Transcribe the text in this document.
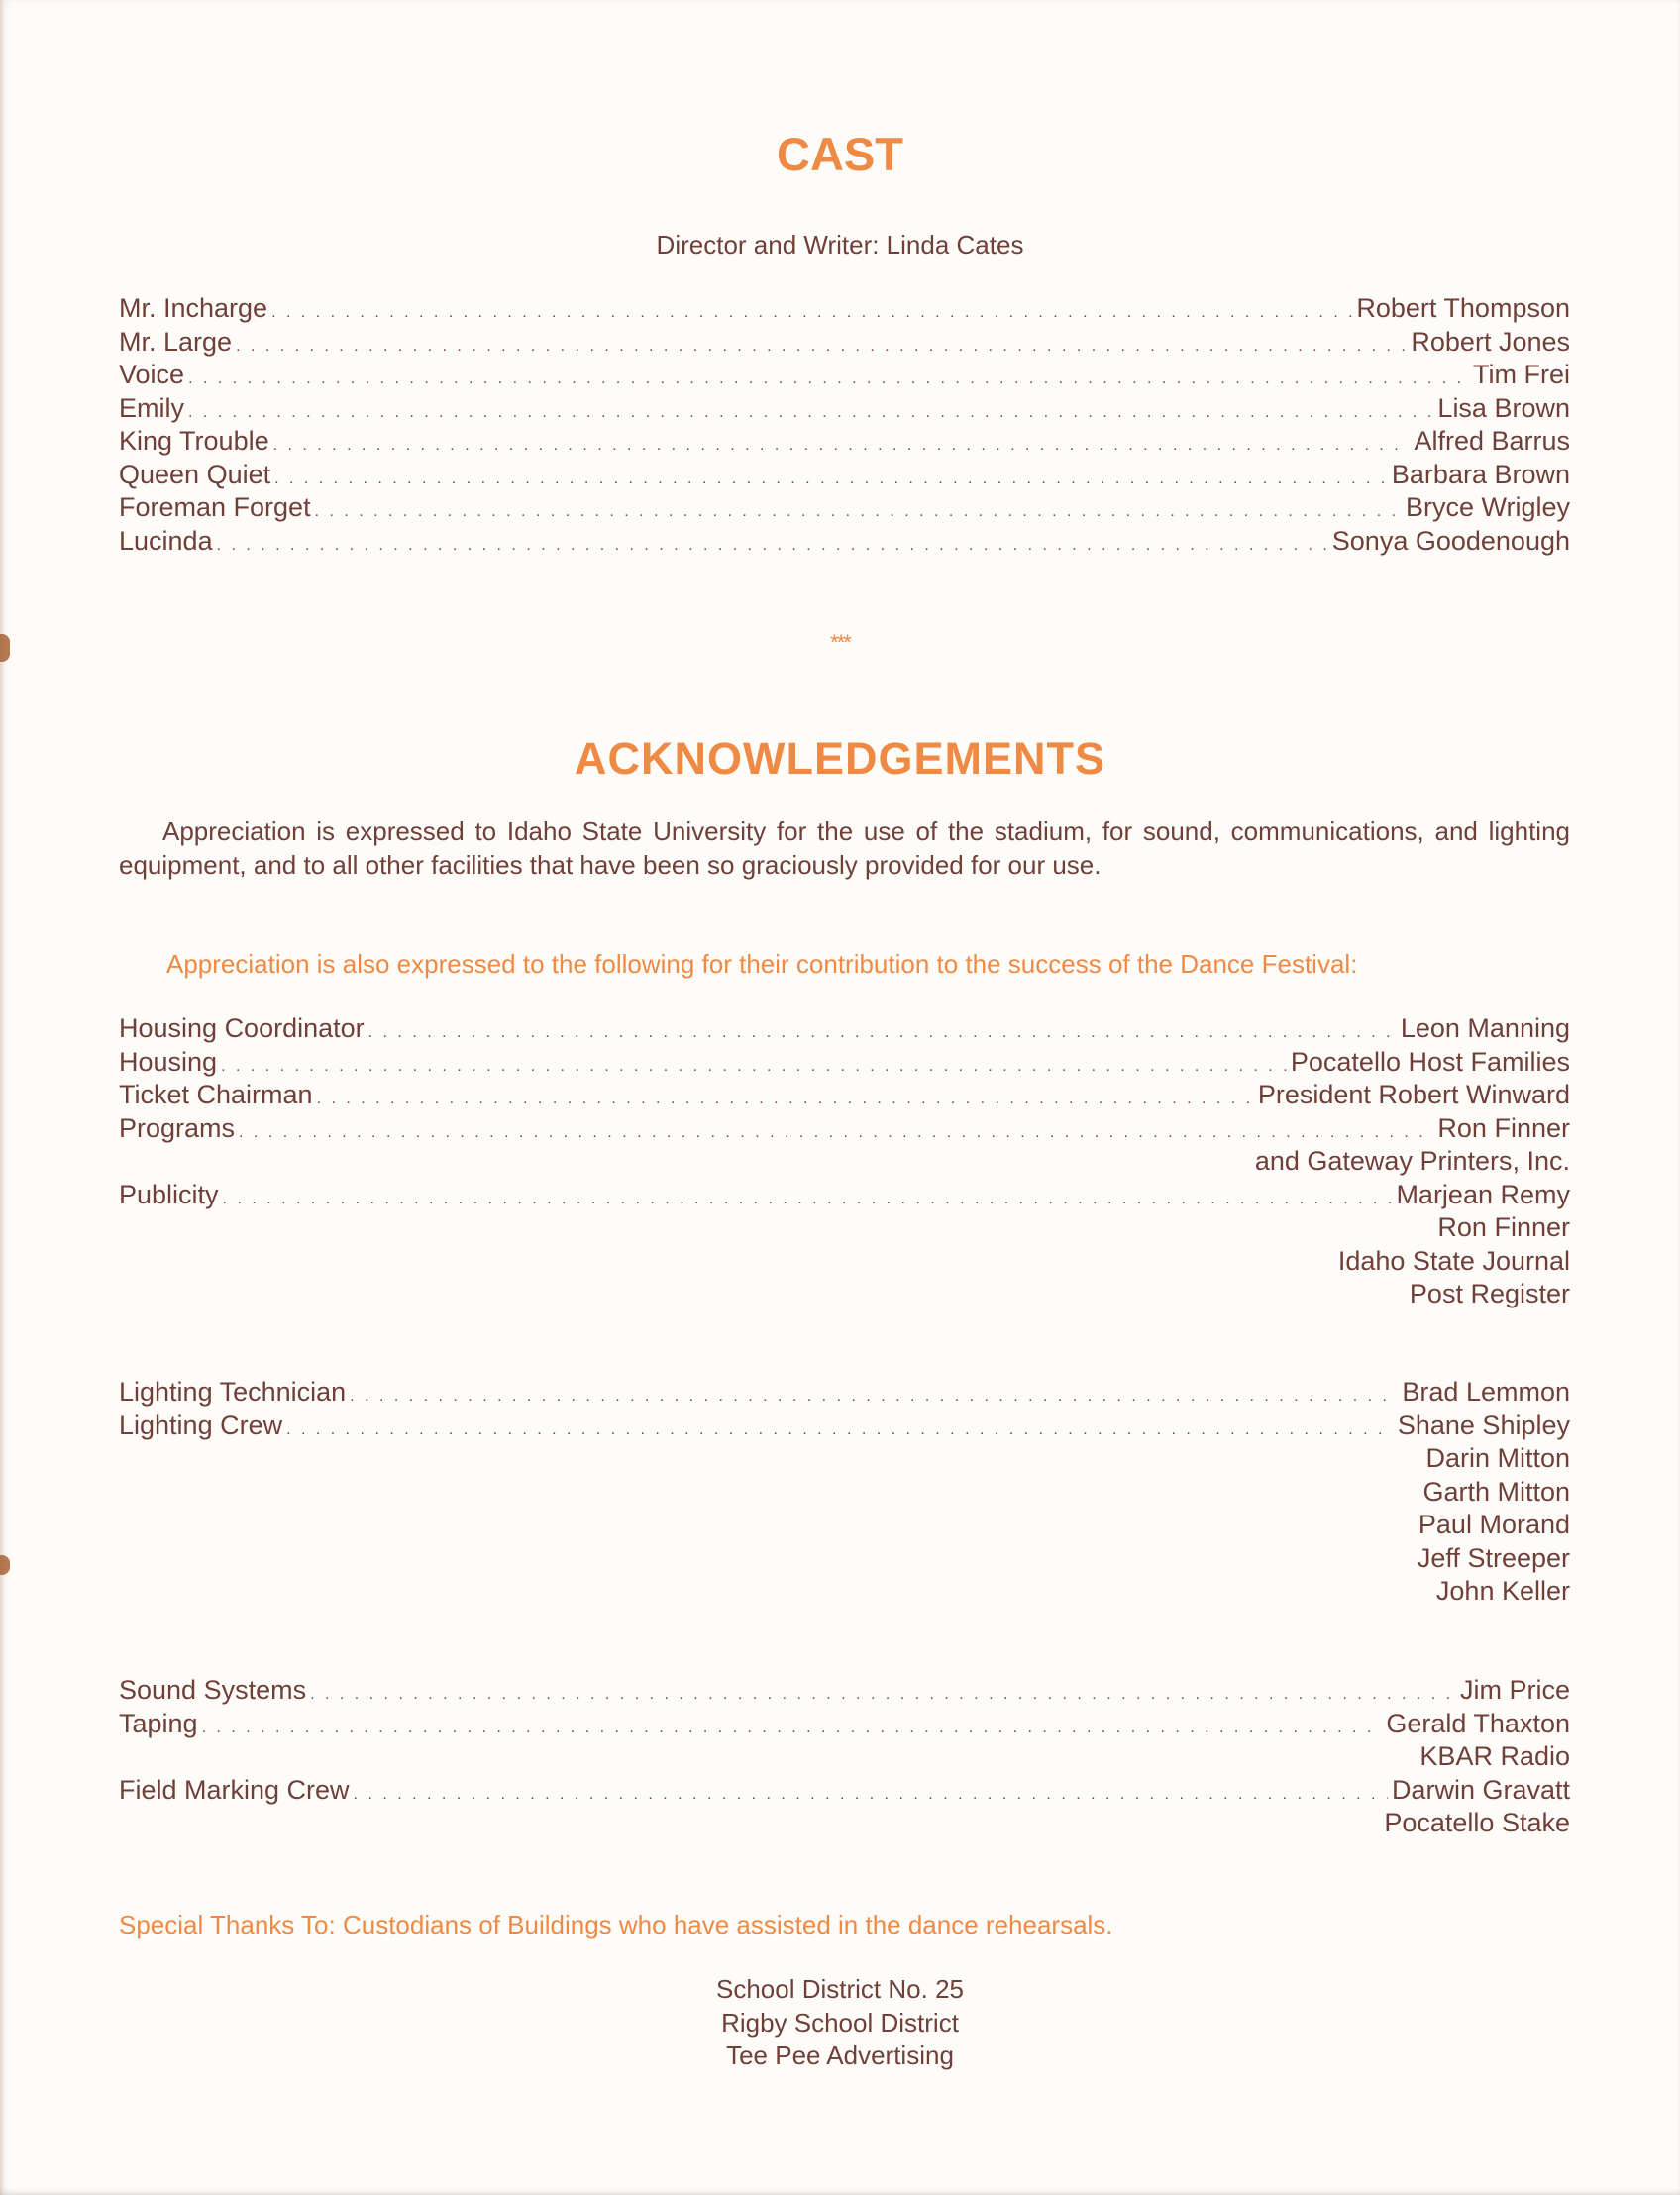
CAST
Director and Writer: Linda Cates
Mr. Incharge . . .	Robert Thompson
Mr. Large . . .	Robert Jones
Voice . . .	Tim Frei
Emily . . .	Lisa Brown
King Trouble . . .	Alfred Barrus
Queen Quiet . . .	Barbara Brown
Foreman Forget . . .	Bryce Wrigley
Lucinda . . .	Sonya Goodenough
***
ACKNOWLEDGEMENTS
Appreciation is expressed to Idaho State University for the use of the stadium, for sound, communications, and lighting equipment, and to all other facilities that have been so graciously provided for our use.
Appreciation is also expressed to the following for their contribution to the success of the Dance Festival:
Housing Coordinator . . .	Leon Manning
Housing . . .	Pocatello Host Families
Ticket Chairman . . .	President Robert Winward
Programs . . .	Ron Finner
and Gateway Printers, Inc.
Publicity . . .	Marjean Remy
Ron Finner
Idaho State Journal
Post Register
Lighting Technician . . .	Brad Lemmon
Lighting Crew . . .	Shane Shipley
Darin Mitton
Garth Mitton
Paul Morand
Jeff Streeper
John Keller
Sound Systems . . .	Jim Price
Taping . . .	Gerald Thaxton
KBAR Radio
Field Marking Crew . . .	Darwin Gravatt
Pocatello Stake
Special Thanks To: Custodians of Buildings who have assisted in the dance rehearsals.
School District No. 25
Rigby School District
Tee Pee Advertising
